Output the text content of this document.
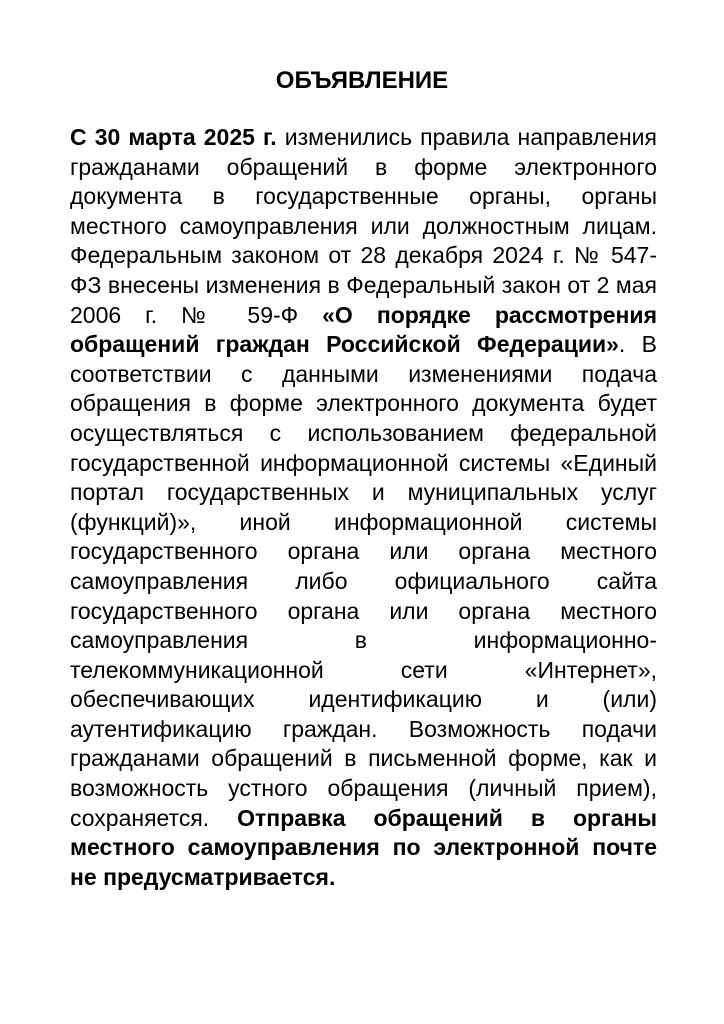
ОБЪЯВЛЕНИЕ

С 30 марта 2025 г. изменились правила направления гражданами обращений в форме электронного документа в государственные органы, органы местного самоуправления или должностным лицам. Федеральным законом от 28 декабря 2024 г. № 547-ФЗ внесены изменения в Федеральный закон от 2 мая 2006 г. № 59-Ф «О порядке рассмотрения обращений граждан Российской Федерации». В соответствии с данными изменениями подача обращения в форме электронного документа будет осуществляться с использованием федеральной государственной информационной системы «Единый портал государственных и муниципальных услуг (функций)», иной информационной системы государственного органа или органа местного самоуправления либо официального сайта государственного органа или органа местного самоуправления в информационно-телекоммуникационной сети «Интернет», обеспечивающих идентификацию и (или) аутентификацию граждан. Возможность подачи гражданами обращений в письменной форме, как и возможность устного обращения (личный прием), сохраняется. Отправка обращений в органы местного самоуправления по электронной почте не предусматривается.
